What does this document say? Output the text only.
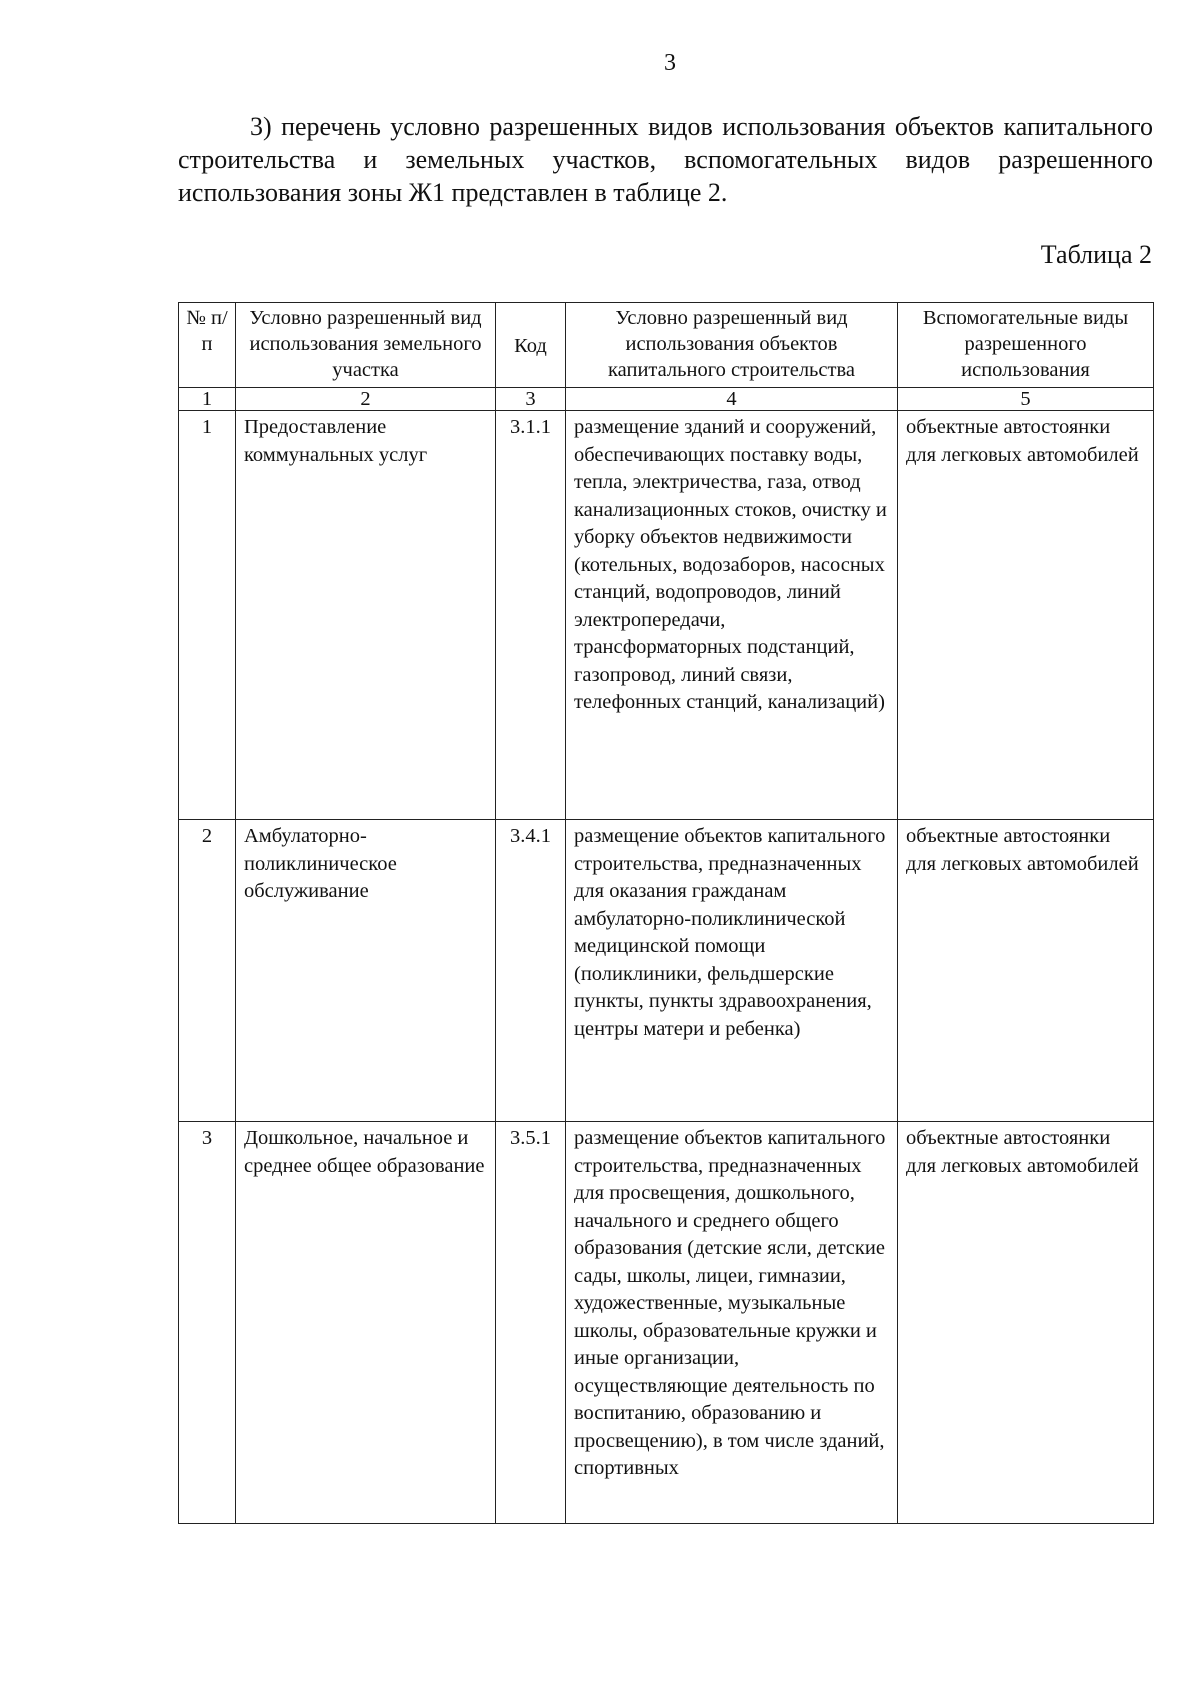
3

3) перечень условно разрешенных видов использования объектов капитального строительства и земельных участков, вспомогательных видов разрешенного использования зоны Ж1 представлен в таблице 2.

Таблица 2
№ п/п	Условно разрешенный вид использования земельного участка	Код	Условно разрешенный вид использования объектов капитального строительства	Вспомогательные виды разрешенного использования
1	2	3	4	5
1	Предоставление коммунальных услуг	3.1.1	размещение зданий и сооружений, обеспечивающих поставку воды, тепла, электричества, газа, отвод канализационных стоков, очистку и уборку объектов недвижимости (котельных, водозаборов, насосных станций, водопроводов, линий электропередачи, трансформаторных подстанций, газопровод, линий связи, телефонных станций, канализаций)	объектные автостоянки для легковых автомобилей
2	Амбулаторно-поликлиническое обслуживание	3.4.1	размещение объектов капитального строительства, предназначенных для оказания гражданам амбулаторно-поликлинической медицинской помощи (поликлиники, фельдшерские пункты, пункты здравоохранения, центры матери и ребенка)	объектные автостоянки для легковых автомобилей
3	Дошкольное, начальное и среднее общее образование	3.5.1	размещение объектов капитального строительства, предназначенных для просвещения, дошкольного, начального и среднего общего образования (детские ясли, детские сады, школы, лицеи, гимназии, художественные, музыкальные школы, образовательные кружки и иные организации, осуществляющие деятельность по воспитанию, образованию и просвещению), в том числе зданий, спортивных	объектные автостоянки для легковых автомобилей
